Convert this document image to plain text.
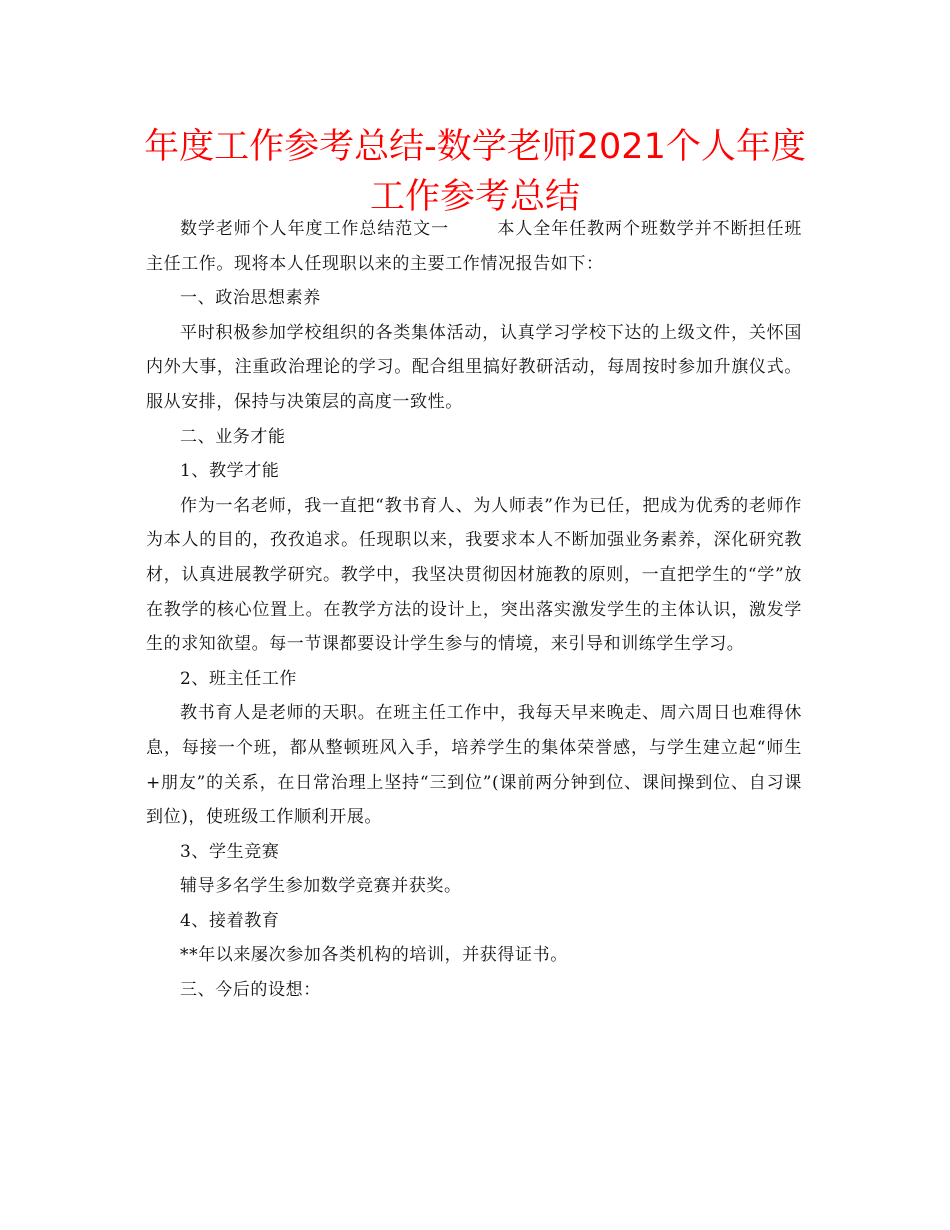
年度工作参考总结-数学老师2021个人年度工作参考总结

数学老师个人年度工作总结范文一	本人全年任教两个班数学并不断担任班主任工作。现将本人任现职以来的主要工作情况报告如下：

一、政治思想素养

平时积极参加学校组织的各类集体活动，认真学习学校下达的上级文件，关怀国内外大事，注重政治理论的学习。配合组里搞好教研活动，每周按时参加升旗仪式。服从安排，保持与决策层的高度一致性。

二、业务才能

1、教学才能

作为一名老师，我一直把“教书育人、为人师表”作为已任，把成为优秀的老师作为本人的目的，孜孜追求。任现职以来，我要求本人不断加强业务素养，深化研究教材，认真进展教学研究。教学中，我坚决贯彻因材施教的原则，一直把学生的“学”放在教学的核心位置上。在教学方法的设计上，突出落实激发学生的主体认识，激发学生的求知欲望。每一节课都要设计学生参与的情境，来引导和训练学生学习。

2、班主任工作

教书育人是老师的天职。在班主任工作中，我每天早来晚走、周六周日也难得休息，每接一个班，都从整顿班风入手，培养学生的集体荣誉感，与学生建立起“师生+朋友”的关系，在日常治理上坚持“三到位”(课前两分钟到位、课间操到位、自习课到位)，使班级工作顺利开展。

3、学生竞赛

辅导多名学生参加数学竞赛并获奖。

4、接着教育

**年以来屡次参加各类机构的培训，并获得证书。

三、今后的设想：
